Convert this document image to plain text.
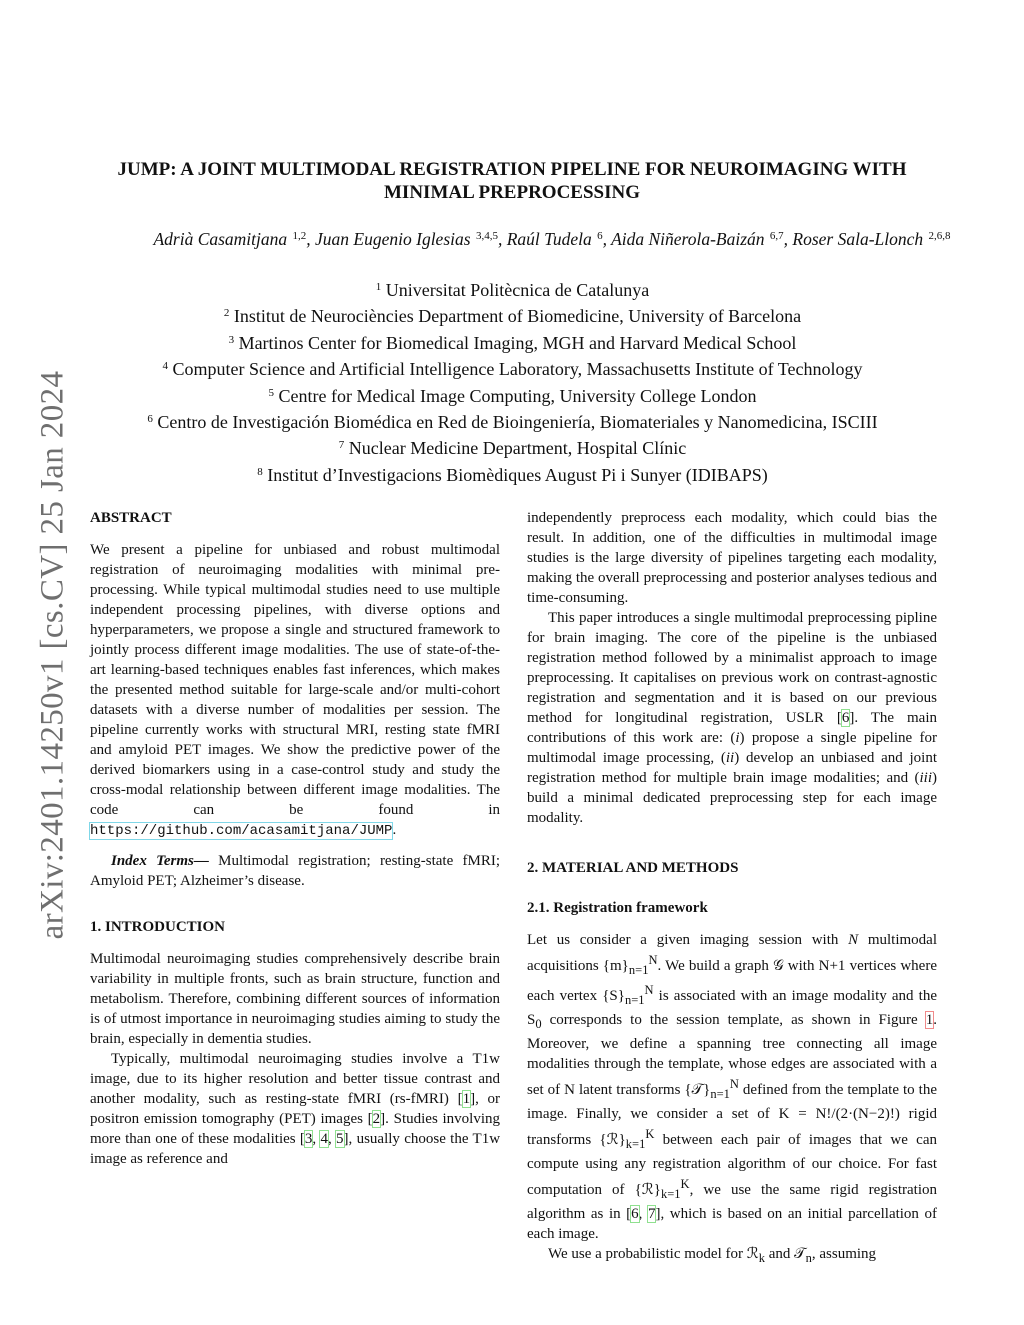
arXiv:2401.14250v1 [cs.CV] 25 Jan 2024
JUMP: A JOINT MULTIMODAL REGISTRATION PIPELINE FOR NEUROIMAGING WITH
MINIMAL PREPROCESSING
Adrià Casamitjana $^{1,2}$, Juan Eugenio Iglesias $^{3,4,5}$, Raúl Tudela $^6$, Aida Niñerola-Baizán $^{6,7}$, Roser Sala-Llonch $^{2,6,8}$
$^1$ Universitat Politècnica de Catalunya
$^2$ Institut de Neurociències Department of Biomedicine, University of Barcelona
$^3$ Martinos Center for Biomedical Imaging, MGH and Harvard Medical School
$^4$ Computer Science and Artificial Intelligence Laboratory, Massachusetts Institute of Technology
$^5$ Centre for Medical Image Computing, University College London
$^6$ Centro de Investigación Biomédica en Red de Bioingeniería, Biomateriales y Nanomedicina, ISCIII
$^7$ Nuclear Medicine Department, Hospital Clínic
$^8$ Institut d’Investigacions Biomèdiques August Pi i Sunyer (IDIBAPS)

ABSTRACT

We present a pipeline for unbiased and robust multimodal registration of neuroimaging modalities with minimal pre-processing. While typical multimodal studies need to use multiple independent processing pipelines, with diverse options and hyperparameters, we propose a single and structured framework to jointly process different image modalities. The use of state-of-the-art learning-based techniques enables fast inferences, which makes the presented method suitable for large-scale and/or multi-cohort datasets with a diverse number of modalities per session. The pipeline currently works with structural MRI, resting state fMRI and amyloid PET images. We show the predictive power of the derived biomarkers using in a case-control study and study the cross-modal relationship between different image modalities. The code can be found in https://github.com/acasamitjana/JUMP.

Index Terms— Multimodal registration; resting-state fMRI; Amyloid PET; Alzheimer’s disease.

1. INTRODUCTION

Multimodal neuroimaging studies comprehensively describe brain variability in multiple fronts, such as brain structure, function and metabolism. Therefore, combining different sources of information is of utmost importance in neuroimaging studies aiming to study the brain, especially in dementia studies.

Typically, multimodal neuroimaging studies involve a T1w image, due to its higher resolution and better tissue contrast and another modality, such as resting-state fMRI (rs-fMRI) [1], or positron emission tomography (PET) images [2]. Studies involving more than one of these modalities [3, 4, 5], usually choose the T1w image as reference and

independently preprocess each modality, which could bias the result. In addition, one of the difficulties in multimodal image studies is the large diversity of pipelines targeting each modality, making the overall preprocessing and posterior analyses tedious and time-consuming.

This paper introduces a single multimodal preprocessing pipline for brain imaging. The core of the pipeline is the unbiased registration method followed by a minimalist approach to image preprocessing. It capitalises on previous work on contrast-agnostic registration and segmentation and it is based on our previous method for longitudinal registration, USLR [6]. The main contributions of this work are: (i) propose a single pipeline for multimodal image processing, (ii) develop an unbiased and joint registration method for multiple brain image modalities; and (iii) build a minimal dedicated preprocessing step for each image modality.

2. MATERIAL AND METHODS

2.1. Registration framework

Let us consider a given imaging session with N multimodal acquisitions $\{m\}_{n=1}^N$. We build a graph 𝒢 with N+1 vertices where each vertex $\{S\}_{n=1}^N$ is associated with an image modality and the $S_0$ corresponds to the session template, as shown in Figure 1. Moreover, we define a spanning tree connecting all image modalities through the template, whose edges are associated with a set of N latent transforms $\{𝒯\}_{n=1}^N$ defined from the template to the image. Finally, we consider a set of K = N!/(2·(N−2)!) rigid transforms $\{ℛ\}_{k=1}^K$ between each pair of images that we can compute using any registration algorithm of our choice. For fast computation of $\{ℛ\}_{k=1}^K$, we use the same rigid registration algorithm as in [6, 7], which is based on an initial parcellation of each image.

We use a probabilistic model for ℛ$_k$ and 𝒯$_n$, assuming
